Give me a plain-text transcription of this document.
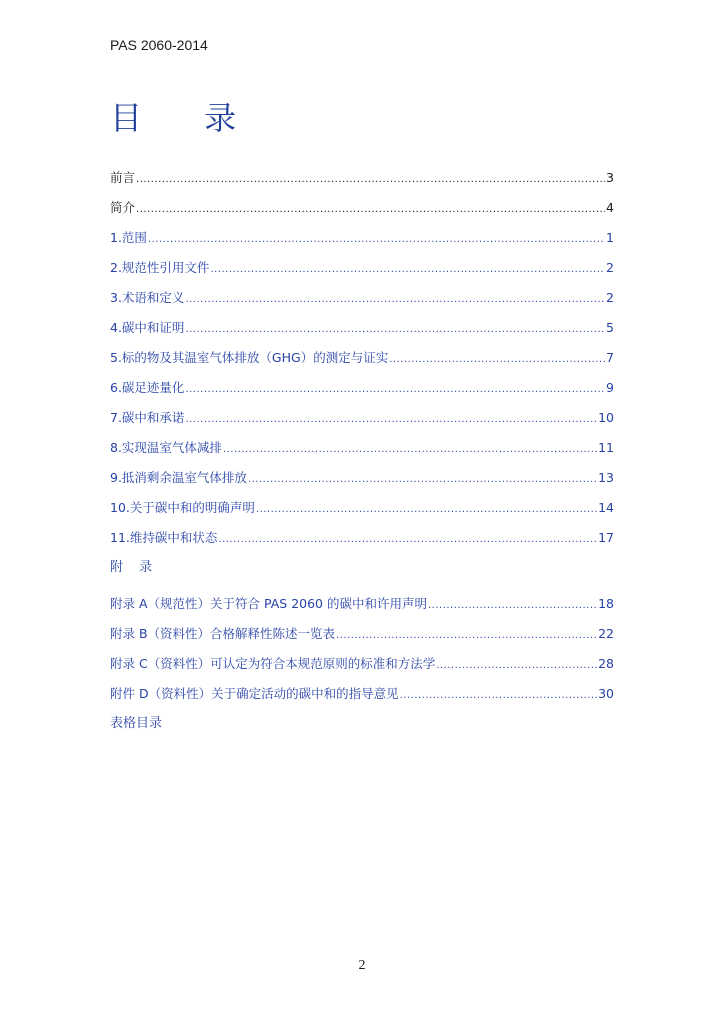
PAS 2060-2014
目 录
前言 .....	3
简介 .....	4
1.范围 .....	1
2.规范性引用文件 .....	2
3.术语和定义 .....	2
4.碳中和证明 .....	5
5.标的物及其温室气体排放（GHG）的测定与证实 .....	7
6.碳足迹量化 .....	9
7.碳中和承诺 .....	10
8.实现温室气体减排 .....	11
9.抵消剩余温室气体排放 .....	13
10.关于碳中和的明确声明 .....	14
11.维持碳中和状态 .....	17
附 录
附录 A（规范性）关于符合 PAS 2060 的碳中和许用声明 .....	18
附录 B（资料性）合格解释性陈述一览表 .....	22
附录 C（资料性）可认定为符合本规范原则的标准和方法学 .....	28
附件 D（资料性）关于确定活动的碳中和的指导意见 .....	30
表格目录
2
